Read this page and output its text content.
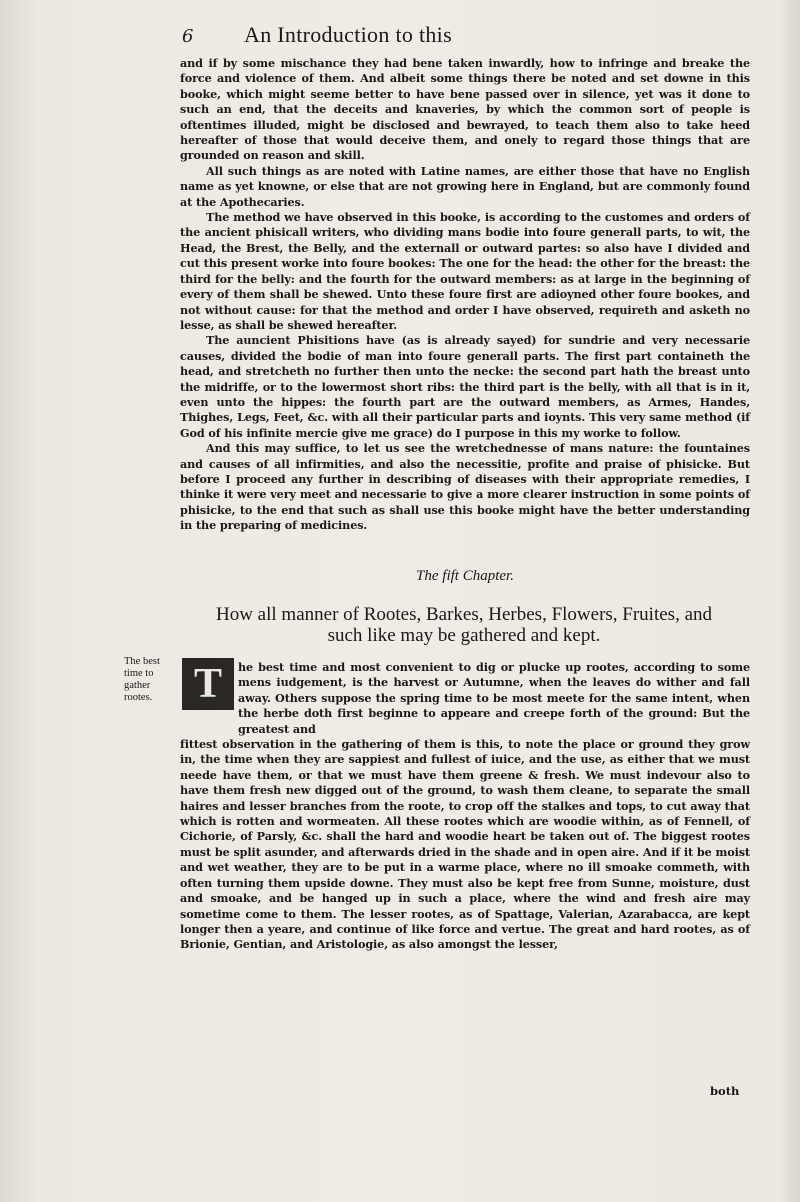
6 An Introduction to this

and if by some mischance they had bene taken inwardly, how to infringe and breake the force and violence of them. And albeit some things there be noted and set downe in this booke, which might seeme better to have bene passed over in silence, yet was it done to such an end, that the deceits and knaveries, by which the common sort of people is oftentimes illuded, might be disclosed and bewrayed, to teach them also to take heed hereafter of those that would deceive them, and onely to regard those things that are grounded on reason and skill.

All such things as are noted with Latine names, are either those that have no English name as yet knowne, or else that are not growing here in England, but are commonly found at the Apothecaries.

The method we have observed in this booke, is according to the customes and orders of the ancient phisicall writers, who dividing mans bodie into foure generall parts, to wit, the Head, the Brest, the Belly, and the externall or outward partes: so also have I divided and cut this present worke into foure bookes: The one for the head: the other for the breast: the third for the belly: and the fourth for the outward members: as at large in the beginning of every of them shall be shewed. Unto these foure first are adioyned other foure bookes, and not without cause: for that the method and order I have observed, requireth and asketh no lesse, as shall be shewed hereafter.

The auncient Phisitions have (as is already sayed) for sundrie and very necessarie causes, divided the bodie of man into foure generall parts. The first part containeth the head, and stretcheth no further then unto the necke: the second part hath the breast unto the midriffe, or to the lowermost short ribs: the third part is the belly, with all that is in it, even unto the hippes: the fourth part are the outward members, as Armes, Handes, Thighes, Legs, Feet, &c. with all their particular parts and ioynts. This very same method (if God of his infinite mercie give me grace) do I purpose in this my worke to follow.

And this may suffice, to let us see the wretchednesse of mans nature: the fountaines and causes of all infirmities, and also the necessitie, profite and praise of phisicke. But before I proceed any further in describing of diseases with their appropriate remedies, I thinke it were very meet and necessarie to give a more clearer instruction in some points of phisicke, to the end that such as shall use this booke might have the better understanding in the preparing of medicines.

The fift Chapter.
How all manner of Rootes, Barkes, Herbes, Flowers, Fruites, and such like may be gathered and kept.
The best time to gather rootes. T	he best time and most convenient to dig or plucke up rootes, according to some mens iudgement, is the harvest or Autumne, when the leaves do wither and fall away. Others suppose the spring time to be most meete for the same intent, when the herbe doth first beginne to appeare and creepe forth of the ground: But the greatest and

fittest observation in the gathering of them is this, to note the place or ground they grow in, the time when they are sappiest and fullest of iuice, and the use, as either that we must neede have them, or that we must have them greene & fresh. We must indevour also to have them fresh new digged out of the ground, to wash them cleane, to separate the small haires and lesser branches from the roote, to crop off the stalkes and tops, to cut away that which is rotten and wormeaten. All these rootes which are woodie within, as of Fennell, of Cichorie, of Parsly, &c. shall the hard and woodie heart be taken out of. The biggest rootes must be split asunder, and afterwards dried in the shade and in open aire. And if it be moist and wet weather, they are to be put in a warme place, where no ill smoake commeth, with often turning them upside downe. They must also be kept free from Sunne, moisture, dust and smoake, and be hanged up in such a place, where the wind and fresh aire may sometime come to them. The lesser rootes, as of Spattage, Valerian, Azarabacca, are kept longer then a yeare, and continue of like force and vertue. The great and hard rootes, as of Brionie, Gentian, and Aristologie, as also amongst the lesser,

both
